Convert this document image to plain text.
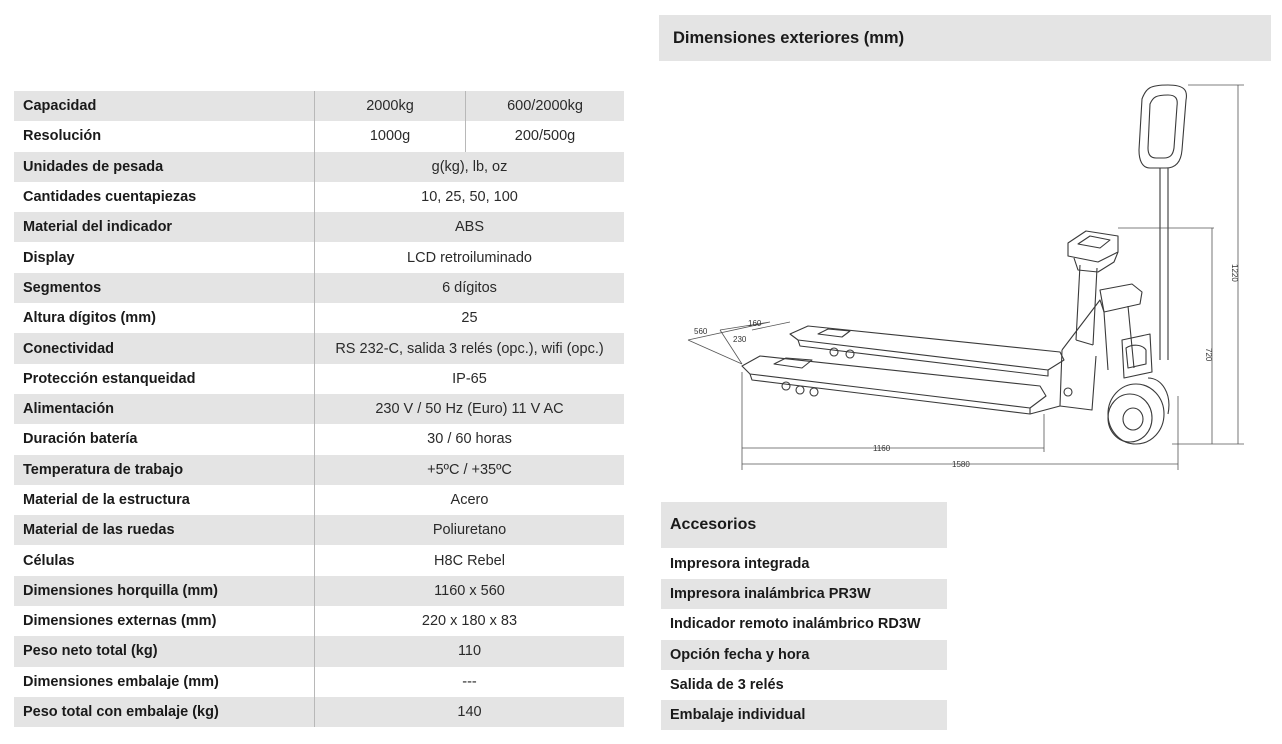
Capacidad	2000kg	600/2000kg
Resolución	1000g	200/500g
Unidades de pesada	g(kg), lb, oz	
Cantidades cuentapiezas	10, 25, 50, 100	
Material del indicador	ABS	
Display	LCD retroiluminado	
Segmentos	6 dígitos	
Altura dígitos (mm)	25	
Conectividad	RS 232-C, salida 3 relés (opc.), wifi (opc.)	
Protección estanqueidad	IP-65	
Alimentación	230 V / 50 Hz (Euro) 11 V AC	
Duración batería	30 / 60 horas	
Temperatura de trabajo	+5ºC / +35ºC	
Material de la estructura	Acero	
Material de las ruedas	Poliuretano	
Células	H8C Rebel	
Dimensiones horquilla (mm)	1160 x 560	
Dimensiones externas (mm)	220 x 180 x 83	
Peso neto total (kg)	110	
Dimensiones embalaje (mm)	---	
Peso total con embalaje (kg)	140	
Dimensiones exteriores (mm)
560
160
230
1160
1580
720
1220
Accesorios
Impresora integrada
Impresora inalámbrica PR3W
Indicador remoto inalámbrico RD3W
Opción fecha y hora
Salida de 3 relés
Embalaje individual
